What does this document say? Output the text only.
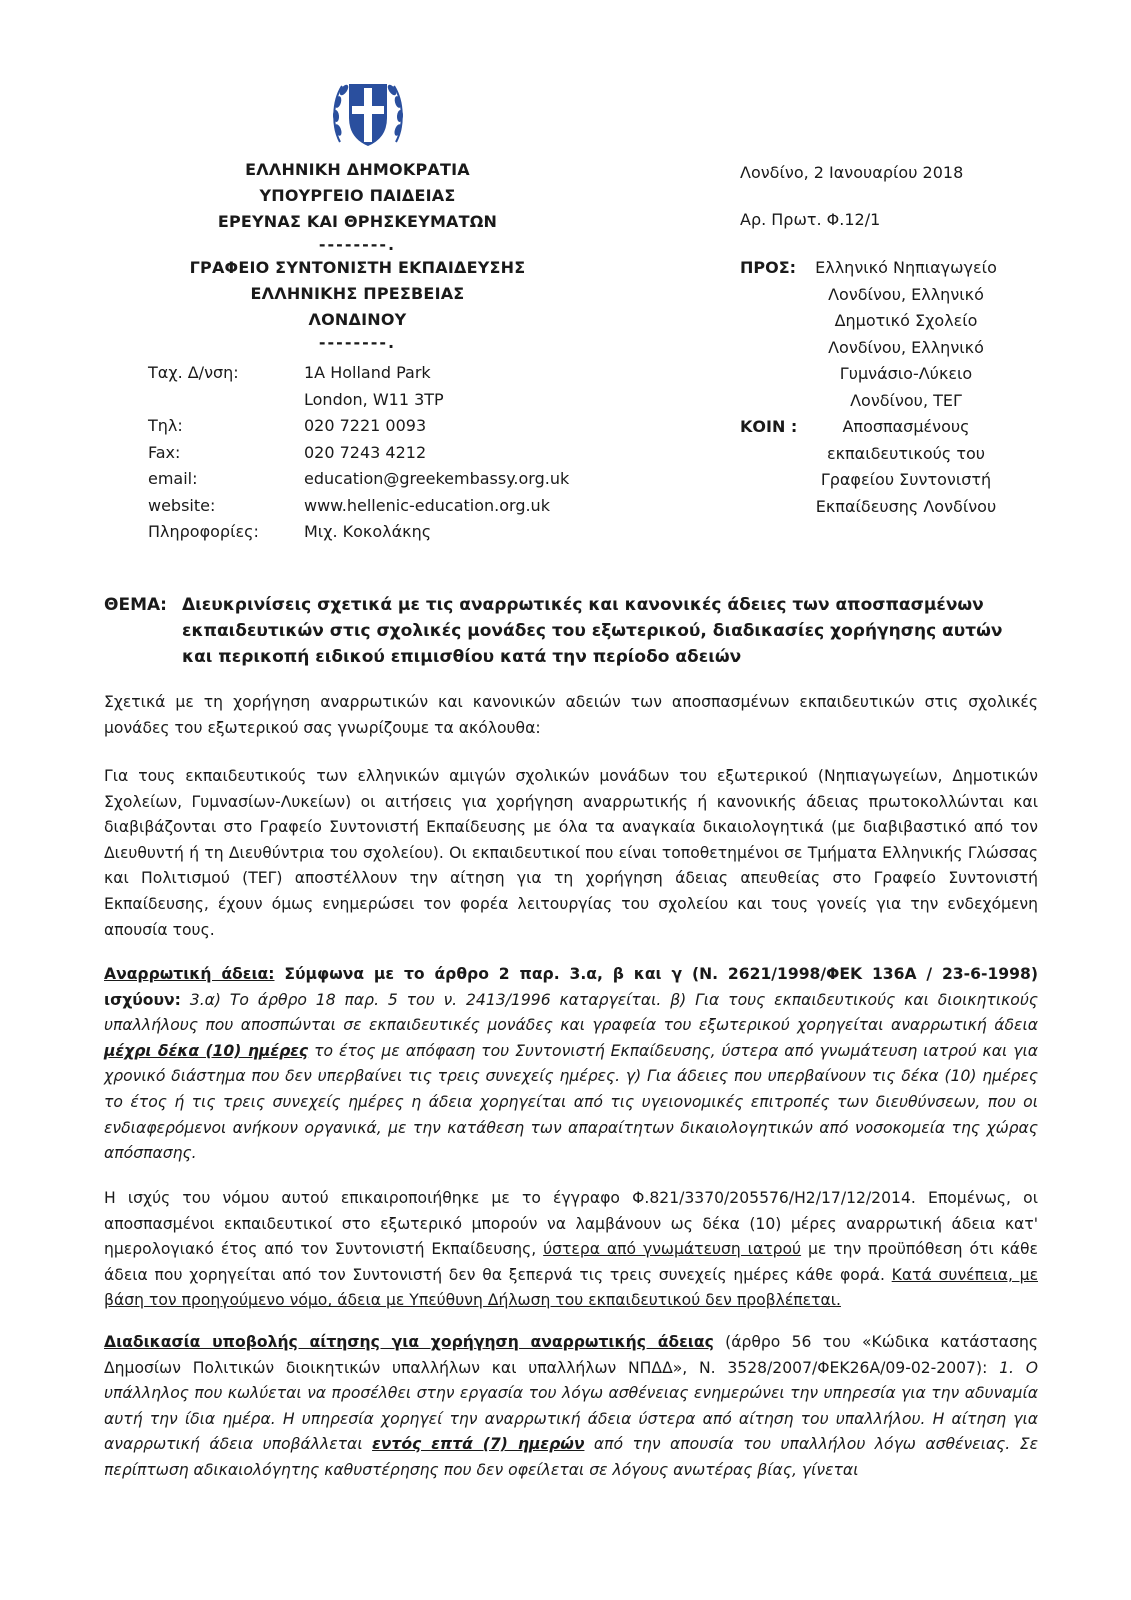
ΕΛΛΗΝΙΚΗ ΔΗΜΟΚΡΑΤΙΑ
ΥΠΟΥΡΓΕΙΟ ΠΑΙΔΕΙΑΣ
ΕΡΕΥΝΑΣ ΚΑΙ ΘΡΗΣΚΕΥΜΑΤΩΝ
--------.
ΓΡΑΦΕΙΟ ΣΥΝΤΟΝΙΣΤΗ ΕΚΠΑΙΔΕΥΣΗΣ
ΕΛΛΗΝΙΚΗΣ ΠΡΕΣΒΕΙΑΣ
ΛΟΝΔΙΝΟΥ
--------.
Ταχ. Δ/νση:	1A Holland Park
London, W11 3TP
Τηλ:	020 7221 0093
Fax:	020 7243 4212
email:	education@greekembassy.org.uk
website:	www.hellenic-education.org.uk
Πληροφορίες:	Μιχ. Κοκολάκης
Λονδίνο, 2 Ιανουαρίου 2018
Αρ. Πρωτ. Φ.12/1
ΠΡΟΣ:	Ελληνικό Νηπιαγωγείο
Λονδίνου, Ελληνικό
Δημοτικό Σχολείο
Λονδίνου, Ελληνικό
Γυμνάσιο-Λύκειο
Λονδίνου, ΤΕΓ
ΚΟΙΝ :	Αποσπασμένους
εκπαιδευτικούς του
Γραφείου Συντονιστή
Εκπαίδευσης Λονδίνου
ΘΕΜΑ: Διευκρινίσεις σχετικά με τις αναρρωτικές και κανονικές άδειες των αποσπασμένων εκπαιδευτικών στις σχολικές μονάδες του εξωτερικού, διαδικασίες χορήγησης αυτών και περικοπή ειδικού επιμισθίου κατά την περίοδο αδειών

Σχετικά με τη χορήγηση αναρρωτικών και κανονικών αδειών των αποσπασμένων εκπαιδευτικών στις σχολικές μονάδες του εξωτερικού σας γνωρίζουμε τα ακόλουθα:

Για τους εκπαιδευτικούς των ελληνικών αμιγών σχολικών μονάδων του εξωτερικού (Νηπιαγωγείων, Δημοτικών Σχολείων, Γυμνασίων-Λυκείων) οι αιτήσεις για χορήγηση αναρρωτικής ή κανονικής άδειας πρωτοκολλώνται και διαβιβάζονται στο Γραφείο Συντονιστή Εκπαίδευσης με όλα τα αναγκαία δικαιολογητικά (με διαβιβαστικό από τον Διευθυντή ή τη Διευθύντρια του σχολείου). Οι εκπαιδευτικοί που είναι τοποθετημένοι σε Τμήματα Ελληνικής Γλώσσας και Πολιτισμού (ΤΕΓ) αποστέλλουν την αίτηση για τη χορήγηση άδειας απευθείας στο Γραφείο Συντονιστή Εκπαίδευσης, έχουν όμως ενημερώσει τον φορέα λειτουργίας του σχολείου και τους γονείς για την ενδεχόμενη απουσία τους.

Αναρρωτική άδεια: Σύμφωνα με το άρθρο 2 παρ. 3.α, β και γ (Ν. 2621/1998/ΦΕΚ 136Α / 23-6-1998) ισχύουν: 3.α) Το άρθρο 18 παρ. 5 του ν. 2413/1996 καταργείται. β) Για τους εκπαιδευτικούς και διοικητικούς υπαλλήλους που αποσπώνται σε εκπαιδευτικές μονάδες και γραφεία του εξωτερικού χορηγείται αναρρωτική άδεια μέχρι δέκα (10) ημέρες το έτος με απόφαση του Συντονιστή Εκπαίδευσης, ύστερα από γνωμάτευση ιατρού και για χρονικό διάστημα που δεν υπερβαίνει τις τρεις συνεχείς ημέρες. γ) Για άδειες που υπερβαίνουν τις δέκα (10) ημέρες το έτος ή τις τρεις συνεχείς ημέρες η άδεια χορηγείται από τις υγειονομικές επιτροπές των διευθύνσεων, που οι ενδιαφερόμενοι ανήκουν οργανικά, με την κατάθεση των απαραίτητων δικαιολογητικών από νοσοκομεία της χώρας απόσπασης.

Η ισχύς του νόμου αυτού επικαιροποιήθηκε με το έγγραφο Φ.821/3370/205576/Η2/17/12/2014. Επομένως, οι αποσπασμένοι εκπαιδευτικοί στο εξωτερικό μπορούν να λαμβάνουν ως δέκα (10) μέρες αναρρωτική άδεια κατ' ημερολογιακό έτος από τον Συντονιστή Εκπαίδευσης, ύστερα από γνωμάτευση ιατρού με την προϋπόθεση ότι κάθε άδεια που χορηγείται από τον Συντονιστή δεν θα ξεπερνά τις τρεις συνεχείς ημέρες κάθε φορά. Κατά συνέπεια, με βάση τον προηγούμενο νόμο, άδεια με Υπεύθυνη Δήλωση του εκπαιδευτικού δεν προβλέπεται.

Διαδικασία υποβολής αίτησης για χορήγηση αναρρωτικής άδειας (άρθρο 56 του «Κώδικα κατάστασης Δημοσίων Πολιτικών διοικητικών υπαλλήλων και υπαλλήλων ΝΠΔΔ», Ν. 3528/2007/ΦΕΚ26Α/09-02-2007): 1. Ο υπάλληλος που κωλύεται να προσέλθει στην εργασία του λόγω ασθένειας ενημερώνει την υπηρεσία για την αδυναμία αυτή την ίδια ημέρα. Η υπηρεσία χορηγεί την αναρρωτική άδεια ύστερα από αίτηση του υπαλλήλου. Η αίτηση για αναρρωτική άδεια υποβάλλεται εντός επτά (7) ημερών από την απουσία του υπαλλήλου λόγω ασθένειας. Σε περίπτωση αδικαιολόγητης καθυστέρησης που δεν οφείλεται σε λόγους ανωτέρας βίας, γίνεται
